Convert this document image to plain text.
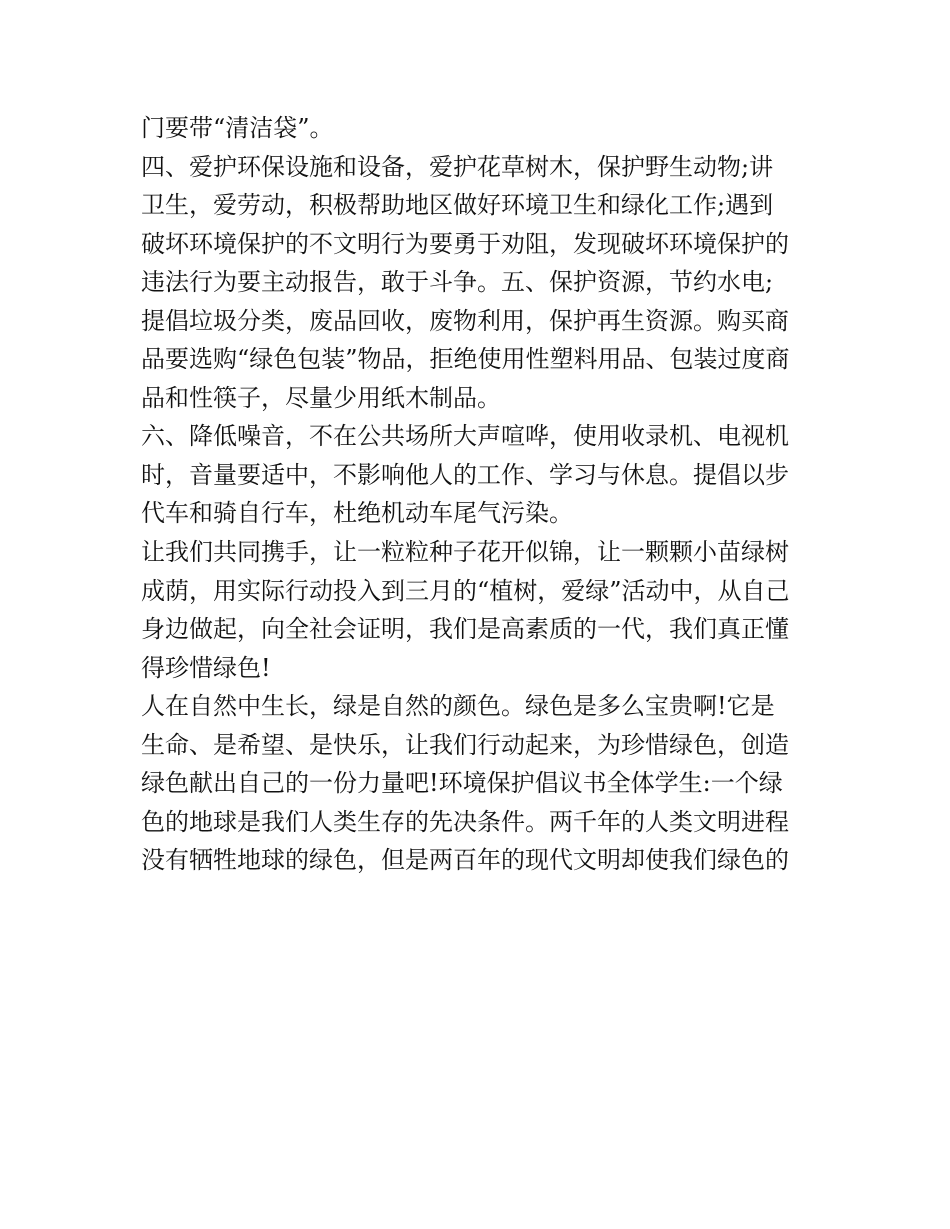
门要带“清洁袋”。

四、爱护环保设施和设备，爱护花草树木，保护野生动物;讲

卫生，爱劳动，积极帮助地区做好环境卫生和绿化工作;遇到

破坏环境保护的不文明行为要勇于劝阻，发现破坏环境保护的

违法行为要主动报告，敢于斗争。五、保护资源，节约水电;

提倡垃圾分类，废品回收，废物利用，保护再生资源。购买商

品要选购“绿色包装”物品，拒绝使用性塑料用品、包装过度商

品和性筷子，尽量少用纸木制品。

六、降低噪音，不在公共场所大声喧哗，使用收录机、电视机

时，音量要适中，不影响他人的工作、学习与休息。提倡以步

代车和骑自行车，杜绝机动车尾气污染。

让我们共同携手，让一粒粒种子花开似锦，让一颗颗小苗绿树

成荫，用实际行动投入到三月的“植树，爱绿”活动中，从自己

身边做起，向全社会证明，我们是高素质的一代，我们真正懂

得珍惜绿色!

人在自然中生长，绿是自然的颜色。绿色是多么宝贵啊!它是

生命、是希望、是快乐，让我们行动起来，为珍惜绿色，创造

绿色献出自己的一份力量吧!环境保护倡议书全体学生:一个绿

色的地球是我们人类生存的先决条件。两千年的人类文明进程

没有牺牲地球的绿色，但是两百年的现代文明却使我们绿色的
